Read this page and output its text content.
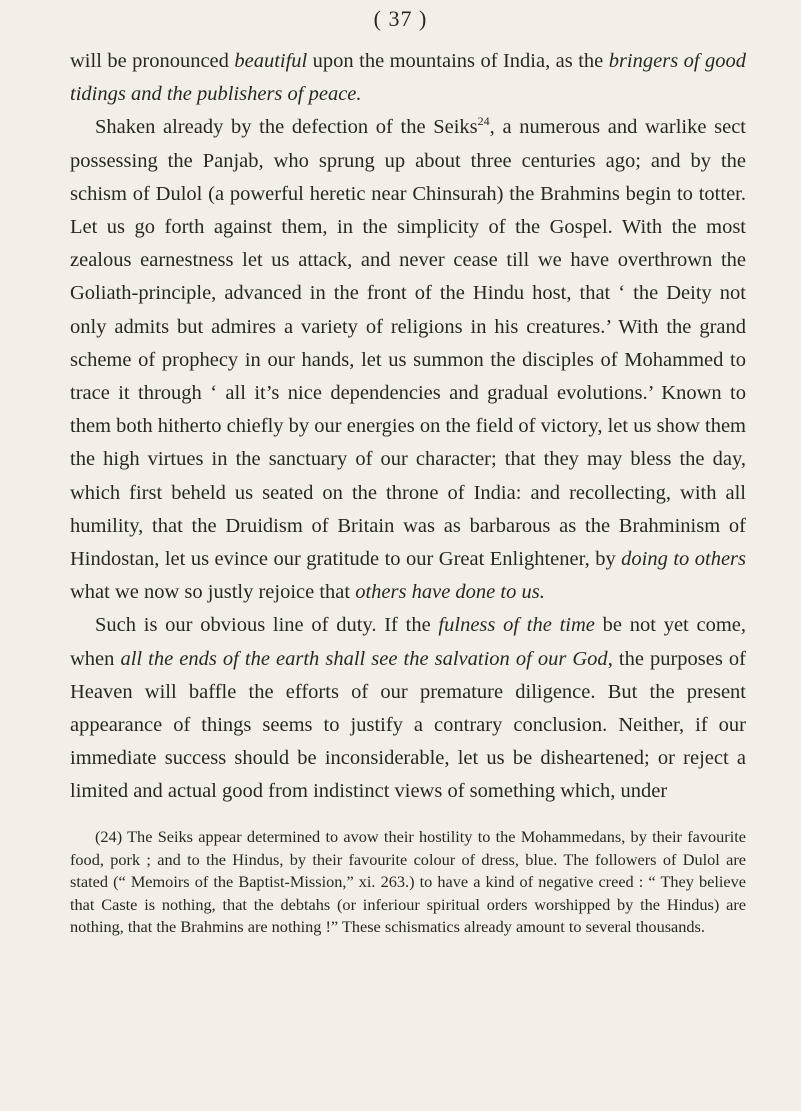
( 37 )

will be pronounced beautiful upon the mountains of India, as the bringers of good tidings and the publishers of peace.

Shaken already by the defection of the Seiks$^{24}$, a numerous and warlike sect possessing the Panjab, who sprung up about three centuries ago; and by the schism of Dulol (a powerful heretic near Chinsurah) the Brahmins begin to totter. Let us go forth against them, in the simplicity of the Gospel. With the most zealous earnestness let us attack, and never cease till we have overthrown the Goliath-principle, advanced in the front of the Hindu host, that ‘ the Deity not only admits but admires a variety of religions in his creatures.’ With the grand scheme of prophecy in our hands, let us summon the disciples of Mohammed to trace it through ‘ all it’s nice dependencies and gradual evolutions.’ Known to them both hitherto chiefly by our energies on the field of victory, let us show them the high virtues in the sanctuary of our character; that they may bless the day, which first beheld us seated on the throne of India: and recollecting, with all humility, that the Druidism of Britain was as barbarous as the Brahminism of Hindostan, let us evince our gratitude to our Great Enlightener, by doing to others what we now so justly rejoice that others have done to us.

Such is our obvious line of duty. If the fulness of the time be not yet come, when all the ends of the earth shall see the salvation of our God, the purposes of Heaven will baffle the efforts of our premature diligence. But the present appearance of things seems to justify a contrary conclusion. Neither, if our immediate success should be inconsiderable, let us be disheartened; or reject a limited and actual good from indistinct views of something which, under

(24) The Seiks appear determined to avow their hostility to the Mohammedans, by their favourite food, pork ; and to the Hindus, by their favourite colour of dress, blue. The followers of Dulol are stated (“ Memoirs of the Baptist-Mission,” xi. 263.) to have a kind of negative creed : “ They believe that Caste is nothing, that the debtahs (or inferiour spiritual orders worshipped by the Hindus) are nothing, that the Brahmins are nothing !” These schismatics already amount to several thousands.
